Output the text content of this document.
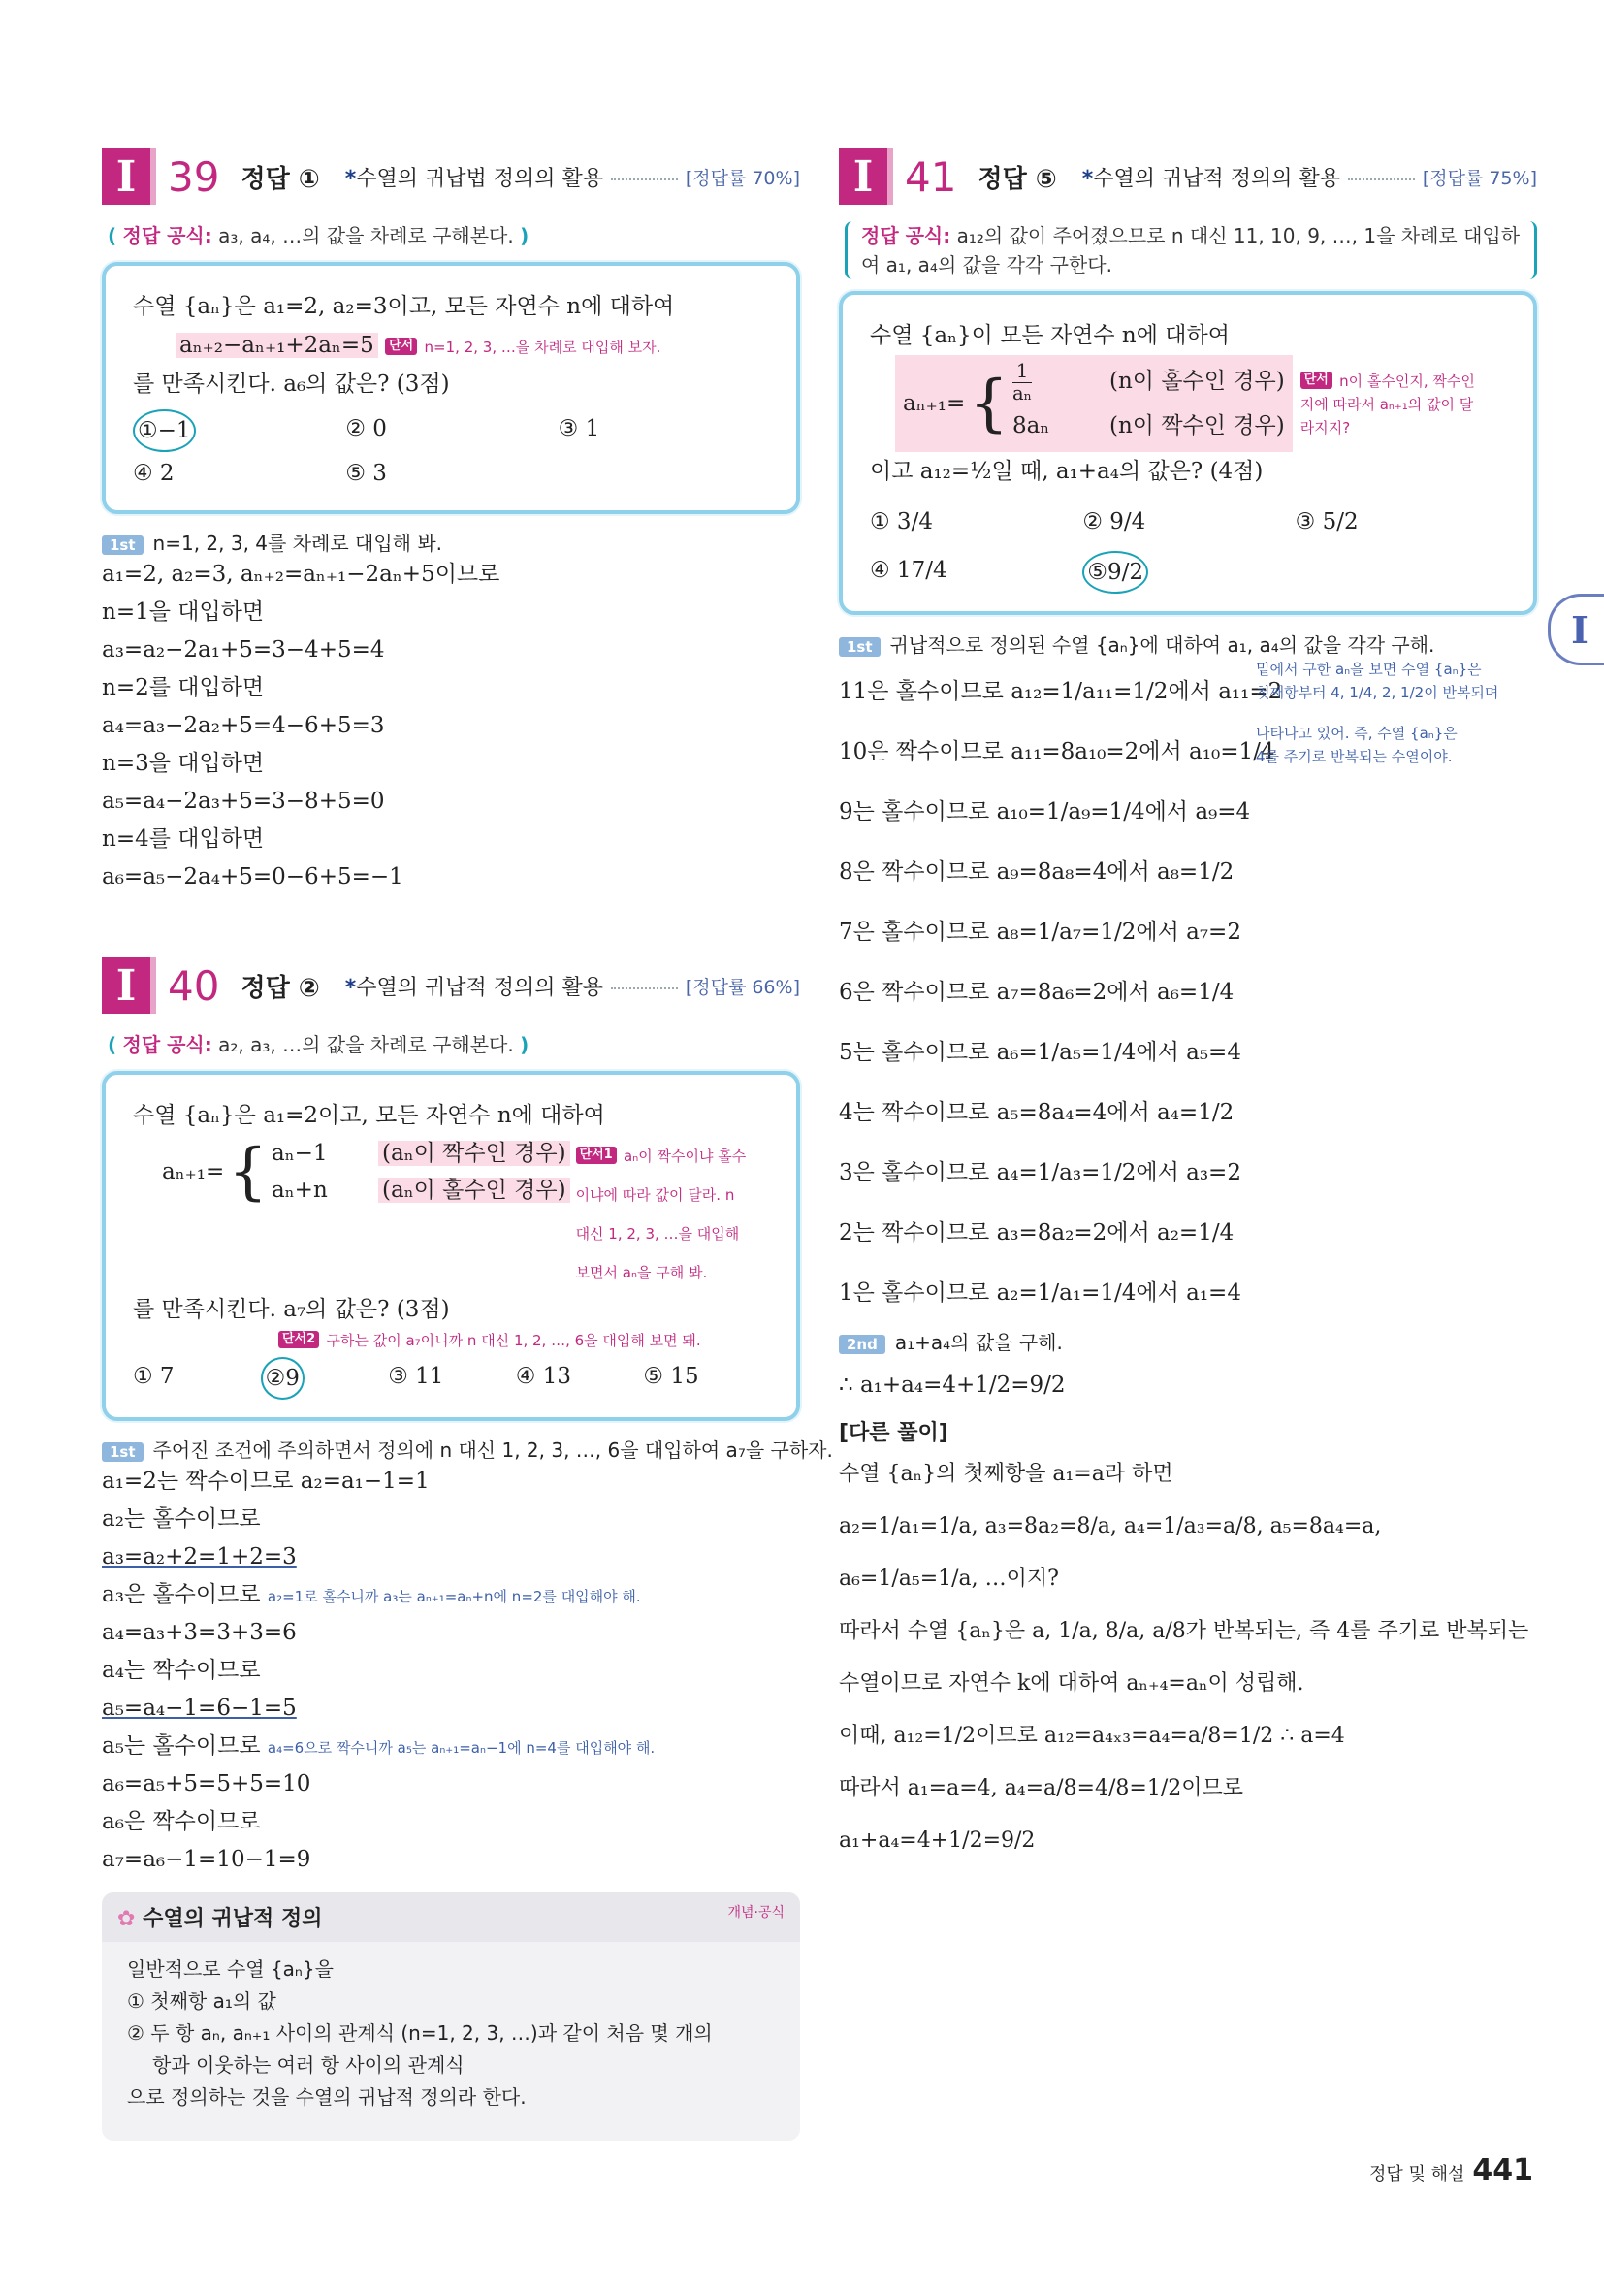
I 39 정답 ① *수열의 귀납법 정의의 활용	[정답률 70%]
( 정답 공식: a₃, a₄, …의 값을 차례로 구해본다. )
수열 {aₙ}은 a₁=2, a₂=3이고, 모든 자연수 n에 대하여
aₙ₊₂−aₙ₊₁+2aₙ=5 단서 n=1, 2, 3, …을 차례로 대입해 보자.
를 만족시킨다. a₆의 값은? (3점)
①−1	② 0	③ 1
④ 2	⑤ 3
1st n=1, 2, 3, 4를 차례로 대입해 봐.
a₁=2, a₂=3, aₙ₊₂=aₙ₊₁−2aₙ+5이므로
n=1을 대입하면
a₃=a₂−2a₁+5=3−4+5=4
n=2를 대입하면
a₄=a₃−2a₂+5=4−6+5=3
n=3을 대입하면
a₅=a₄−2a₃+5=3−8+5=0
n=4를 대입하면
a₆=a₅−2a₄+5=0−6+5=−1
I 40 정답 ② *수열의 귀납적 정의의 활용	[정답률 66%]
( 정답 공식: a₂, a₃, …의 값을 차례로 구해본다. )
수열 {aₙ}은 a₁=2이고, 모든 자연수 n에 대하여
aₙ₊₁= { aₙ−1 (aₙ이 짝수인 경우)
aₙ+n (aₙ이 홀수인 경우)
단서1 aₙ이 짝수이냐 홀수이냐에 따라 값이 달라. n 대신 1, 2, 3, …을 대입해 보면서 aₙ을 구해 봐.
를 만족시킨다. a₇의 값은? (3점)
단서2 구하는 값이 a₇이니까 n 대신 1, 2, …, 6을 대입해 보면 돼.
① 7	②9	③ 11	④ 13	⑤ 15
1st 주어진 조건에 주의하면서 정의에 n 대신 1, 2, 3, …, 6을 대입하여 a₇을 구하자.
a₁=2는 짝수이므로 a₂=a₁−1=1
a₂는 홀수이므로
a₃=a₂+2=1+2=3
a₃은 홀수이므로 a₂=1로 홀수니까 a₃는 aₙ₊₁=aₙ+n에 n=2를 대입해야 해.
a₄=a₃+3=3+3=6
a₄는 짝수이므로
a₅=a₄−1=6−1=5
a₅는 홀수이므로 a₄=6으로 짝수니까 a₅는 aₙ₊₁=aₙ−1에 n=4를 대입해야 해.
a₆=a₅+5=5+5=10
a₆은 짝수이므로
a₇=a₆−1=10−1=9
✿ 수열의 귀납적 정의	개념·공식
일반적으로 수열 {aₙ}을
① 첫째항 a₁의 값
② 두 항 aₙ, aₙ₊₁ 사이의 관계식 (n=1, 2, 3, …)과 같이 처음 몇 개의
항과 이웃하는 여러 항 사이의 관계식
으로 정의하는 것을 수열의 귀납적 정의라 한다.
I 41 정답 ⑤ *수열의 귀납적 정의의 활용	[정답률 75%]
정답 공식: a₁₂의 값이 주어졌으므로 n 대신 11, 10, 9, …, 1을 차례로 대입하여 a₁, a₄의 값을 각각 구한다.
수열 {aₙ}이 모든 자연수 n에 대하여
aₙ₊₁= { $\frac{1}{\text{aₙ}}$	(n이 홀수인 경우)
8aₙ	(n이 짝수인 경우)
단서 n이 홀수인지, 짝수인지에 따라서 aₙ₊₁의 값이 달라지지?
이고 a₁₂=½일 때, a₁+a₄의 값은? (4점)
① 3/4	② 9/4	③ 5/2
④ 17/4	⑤9/2
1st 귀납적으로 정의된 수열 {aₙ}에 대하여 a₁, a₄의 값을 각각 구해.
11은 홀수이므로 a₁₂=1/a₁₁=1/2에서 a₁₁=2
10은 짝수이므로 a₁₁=8a₁₀=2에서 a₁₀=1/4
9는 홀수이므로 a₁₀=1/a₉=1/4에서 a₉=4
8은 짝수이므로 a₉=8a₈=4에서 a₈=1/2
7은 홀수이므로 a₈=1/a₇=1/2에서 a₇=2
6은 짝수이므로 a₇=8a₆=2에서 a₆=1/4
5는 홀수이므로 a₆=1/a₅=1/4에서 a₅=4
4는 짝수이므로 a₅=8a₄=4에서 a₄=1/2
3은 홀수이므로 a₄=1/a₃=1/2에서 a₃=2
2는 짝수이므로 a₃=8a₂=2에서 a₂=1/4
1은 홀수이므로 a₂=1/a₁=1/4에서 a₁=4
밑에서 구한 aₙ을 보면 수열 {aₙ}은
첫째항부터 4, 1/4, 2, 1/2이 반복되며
나타나고 있어. 즉, 수열 {aₙ}은
4를 주기로 반복되는 수열이야.
2nd a₁+a₄의 값을 구해.
∴ a₁+a₄=4+1/2=9/2
[다른 풀이]
수열 {aₙ}의 첫째항을 a₁=a라 하면
a₂=1/a₁=1/a, a₃=8a₂=8/a, a₄=1/a₃=a/8, a₅=8a₄=a,
a₆=1/a₅=1/a, …이지?
따라서 수열 {aₙ}은 a, 1/a, 8/a, a/8가 반복되는, 즉 4를 주기로 반복되는
수열이므로 자연수 k에 대하여 aₙ₊₄=aₙ이 성립해.
이때, a₁₂=1/2이므로 a₁₂=a₄ₓ₃=a₄=a/8=1/2 ∴ a=4
따라서 a₁=a=4, a₄=a/8=4/8=1/2이므로
a₁+a₄=4+1/2=9/2
I
정답 및 해설 441
